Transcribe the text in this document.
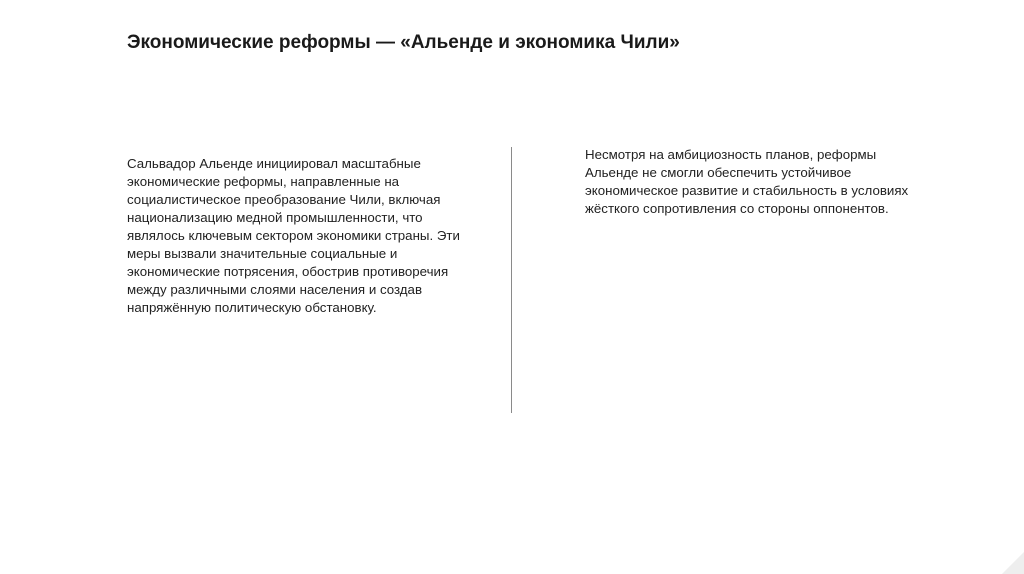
Экономические реформы — «Альенде и экономика Чили»
Сальвадор Альенде инициировал масштабные экономические реформы, направленные на социалистическое преобразование Чили, включая национализацию медной промышленности, что являлось ключевым сектором экономики страны. Эти меры вызвали значительные социальные и экономические потрясения, обострив противоречия между различными слоями населения и создав напряжённую политическую обстановку.
Несмотря на амбициозность планов, реформы Альенде не смогли обеспечить устойчивое экономическое развитие и стабильность в условиях жёсткого сопротивления со стороны оппонентов.
